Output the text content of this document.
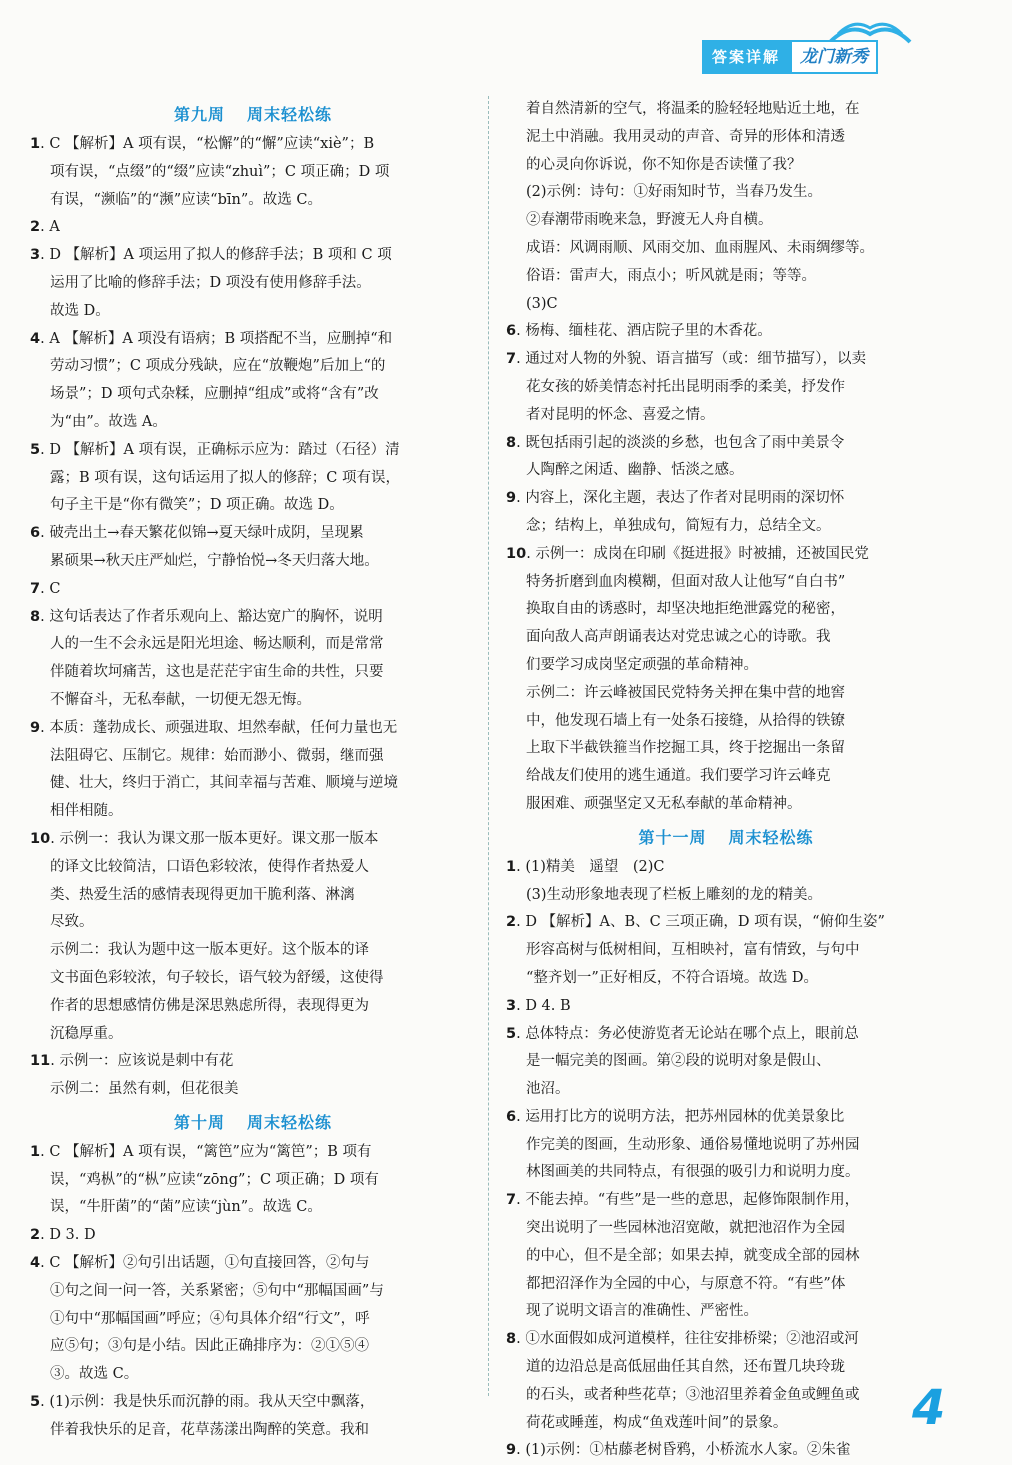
答案详解	龙门新秀
第九周 周末轻松练
1. C 【解析】A 项有误，“松懈”的“懈”应读“xiè”；B
项有误，“点缀”的“缀”应读“zhuì”；C 项正确；D 项
有误，“濒临”的“濒”应读“bīn”。故选 C。
2. A
3. D 【解析】A 项运用了拟人的修辞手法；B 项和 C 项
运用了比喻的修辞手法；D 项没有使用修辞手法。
故选 D。
4. A 【解析】A 项没有语病；B 项搭配不当，应删掉“和
劳动习惯”；C 项成分残缺，应在“放鞭炮”后加上“的
场景”；D 项句式杂糅，应删掉“组成”或将“含有”改
为“由”。故选 A。
5. D 【解析】A 项有误，正确标示应为：踏过（石径）清
露；B 项有误，这句话运用了拟人的修辞；C 项有误，
句子主干是“你有微笑”；D 项正确。故选 D。
6. 破壳出土→春天繁花似锦→夏天绿叶成阴，呈现累
累硕果→秋天庄严灿烂，宁静怡悦→冬天归落大地。
7. C
8. 这句话表达了作者乐观向上、豁达宽广的胸怀，说明
人的一生不会永远是阳光坦途、畅达顺利，而是常常
伴随着坎坷痛苦，这也是茫茫宇宙生命的共性，只要
不懈奋斗，无私奉献，一切便无怨无悔。
9. 本质：蓬勃成长、顽强进取、坦然奉献，任何力量也无
法阻碍它、压制它。规律：始而渺小、微弱，继而强
健、壮大，终归于消亡，其间幸福与苦难、顺境与逆境
相伴相随。
10. 示例一：我认为课文那一版本更好。课文那一版本
的译文比较简洁，口语色彩较浓，使得作者热爱人
类、热爱生活的感情表现得更加干脆利落、淋漓
尽致。
示例二：我认为题中这一版本更好。这个版本的译
文书面色彩较浓，句子较长，语气较为舒缓，这使得
作者的思想感情仿佛是深思熟虑所得，表现得更为
沉稳厚重。
11. 示例一：应该说是刺中有花
示例二：虽然有刺，但花很美
第十周 周末轻松练
1. C 【解析】A 项有误，“篱笆”应为“篱笆”；B 项有
误，“鸡枞”的“枞”应读“zōng”；C 项正确；D 项有
误，“牛肝菌”的“菌”应读“jùn”。故选 C。
2. D 3. D
4. C 【解析】②句引出话题，①句直接回答，②句与
①句之间一问一答，关系紧密；⑤句中“那幅国画”与
①句中“那幅国画”呼应；④句具体介绍“行文”，呼
应⑤句；③句是小结。因此正确排序为：②①⑤④
③。故选 C。
5. (1)示例：我是快乐而沉静的雨。我从天空中飘落，
伴着我快乐的足音，花草荡漾出陶醉的笑意。我和
着自然清新的空气，将温柔的脸轻轻地贴近土地，在
泥土中消融。我用灵动的声音、奇异的形体和清透
的心灵向你诉说，你不知你是否读懂了我？
(2)示例：诗句：①好雨知时节，当春乃发生。
②春潮带雨晚来急，野渡无人舟自横。
成语：风调雨顺、风雨交加、血雨腥风、未雨绸缪等。
俗语：雷声大，雨点小；听风就是雨；等等。
(3)C
6. 杨梅、缅桂花、酒店院子里的木香花。
7. 通过对人物的外貌、语言描写（或：细节描写），以卖
花女孩的娇美情态衬托出昆明雨季的柔美，抒发作
者对昆明的怀念、喜爱之情。
8. 既包括雨引起的淡淡的乡愁，也包含了雨中美景令
人陶醉之闲适、幽静、恬淡之感。
9. 内容上，深化主题，表达了作者对昆明雨的深切怀
念；结构上，单独成句，简短有力，总结全文。
10. 示例一：成岗在印刷《挺进报》时被捕，还被国民党
特务折磨到血肉模糊，但面对敌人让他写“自白书”
换取自由的诱惑时，却坚决地拒绝泄露党的秘密，
面向敌人高声朗诵表达对党忠诚之心的诗歌。我
们要学习成岗坚定顽强的革命精神。
示例二：许云峰被国民党特务关押在集中营的地窖
中，他发现石墙上有一处条石接缝，从拾得的铁镣
上取下半截铁箍当作挖掘工具，终于挖掘出一条留
给战友们使用的逃生通道。我们要学习许云峰克
服困难、顽强坚定又无私奉献的革命精神。
第十一周 周末轻松练
1. (1)精美　遥望　(2)C
(3)生动形象地表现了栏板上雕刻的龙的精美。
2. D 【解析】A、B、C 三项正确，D 项有误，“俯仰生姿”
形容高树与低树相间，互相映衬，富有情致，与句中
“整齐划一”正好相反，不符合语境。故选 D。
3. D 4. B
5. 总体特点：务必使游览者无论站在哪个点上，眼前总
是一幅完美的图画。第②段的说明对象是假山、
池沼。
6. 运用打比方的说明方法，把苏州园林的优美景象比
作完美的图画，生动形象、通俗易懂地说明了苏州园
林图画美的共同特点，有很强的吸引力和说明力度。
7. 不能去掉。“有些”是一些的意思，起修饰限制作用，
突出说明了一些园林池沼宽敞，就把池沼作为全园
的中心，但不是全部；如果去掉，就变成全部的园林
都把沼泽作为全园的中心，与原意不符。“有些”体
现了说明文语言的准确性、严密性。
8. ①水面假如成河道模样，往往安排桥梁；②池沼或河
道的边沿总是高低屈曲任其自然，还布置几块玲珑
的石头，或者种些花草；③池沼里养着金鱼或鲤鱼或
荷花或睡莲，构成“鱼戏莲叶间”的景象。
9. (1)示例：①枯藤老树昏鸦，小桥流水人家。②朱雀
4
